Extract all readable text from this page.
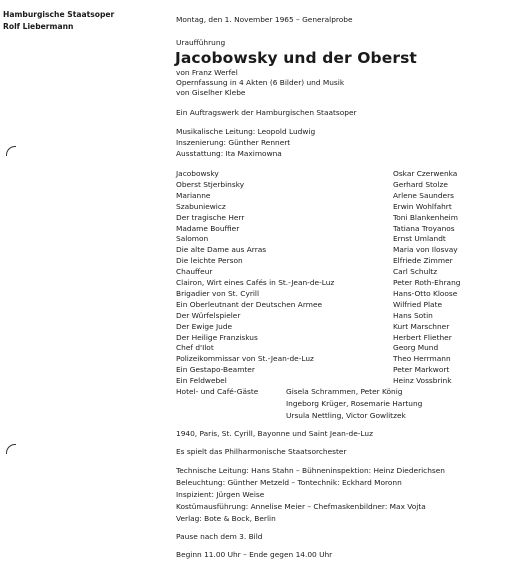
Hamburgische Staatsoper
Rolf Liebermann
Montag, den 1. November 1965 – Generalprobe
Uraufführung
Jacobowsky und der Oberst
von Franz Werfel
Opernfassung in 4 Akten (6 Bilder) und Musik
von Giselher Klebe
Ein Auftragswerk der Hamburgischen Staatsoper
Musikalische Leitung: Leopold Ludwig
Inszenierung: Günther Rennert
Ausstattung: Ita Maximowna
Jacobowsky	Oskar Czerwenka
Oberst Stjerbinsky	Gerhard Stolze
Marianne	Arlene Saunders
Szabuniewicz	Erwin Wohlfahrt
Der tragische Herr	Toni Blankenheim
Madame Bouffier	Tatiana Troyanos
Salomon	Ernst Umlandt
Die alte Dame aus Arras	Maria von Ilosvay
Die leichte Person	Elfriede Zimmer
Chauffeur	Carl Schultz
Clairon, Wirt eines Cafés in St.-Jean-de-Luz	Peter Roth-Ehrang
Brigadier von St. Cyrill	Hans-Otto Kloose
Ein Oberleutnant der Deutschen Armee	Wilfried Plate
Der Würfelspieler	Hans Sotin
Der Ewige Jude	Kurt Marschner
Der Heilige Franziskus	Herbert Fliether
Chef d'Ilot	Georg Mund
Polizeikommissar von St.-Jean-de-Luz	Theo Herrmann
Ein Gestapo-Beamter	Peter Markwort
Ein Feldwebel	Heinz Vossbrink
Hotel- und Café-Gäste	Gisela Schrammen, Peter König
Ingeborg Krüger, Rosemarie Hartung
Ursula Nettling, Victor Gowlitzek
1940, Paris, St. Cyrill, Bayonne und Saint Jean-de-Luz
Es spielt das Philharmonische Staatsorchester
Technische Leitung: Hans Stahn – Bühneninspektion: Heinz Diederichsen
Beleuchtung: Günther Metzeld – Tontechnik: Eckhard Moronn
Inspizient: Jürgen Weise
Kostümausführung: Annelise Meier – Chefmaskenbildner: Max Vojta
Verlag: Bote & Bock, Berlin
Pause nach dem 3. Bild
Beginn 11.00 Uhr – Ende gegen 14.00 Uhr
